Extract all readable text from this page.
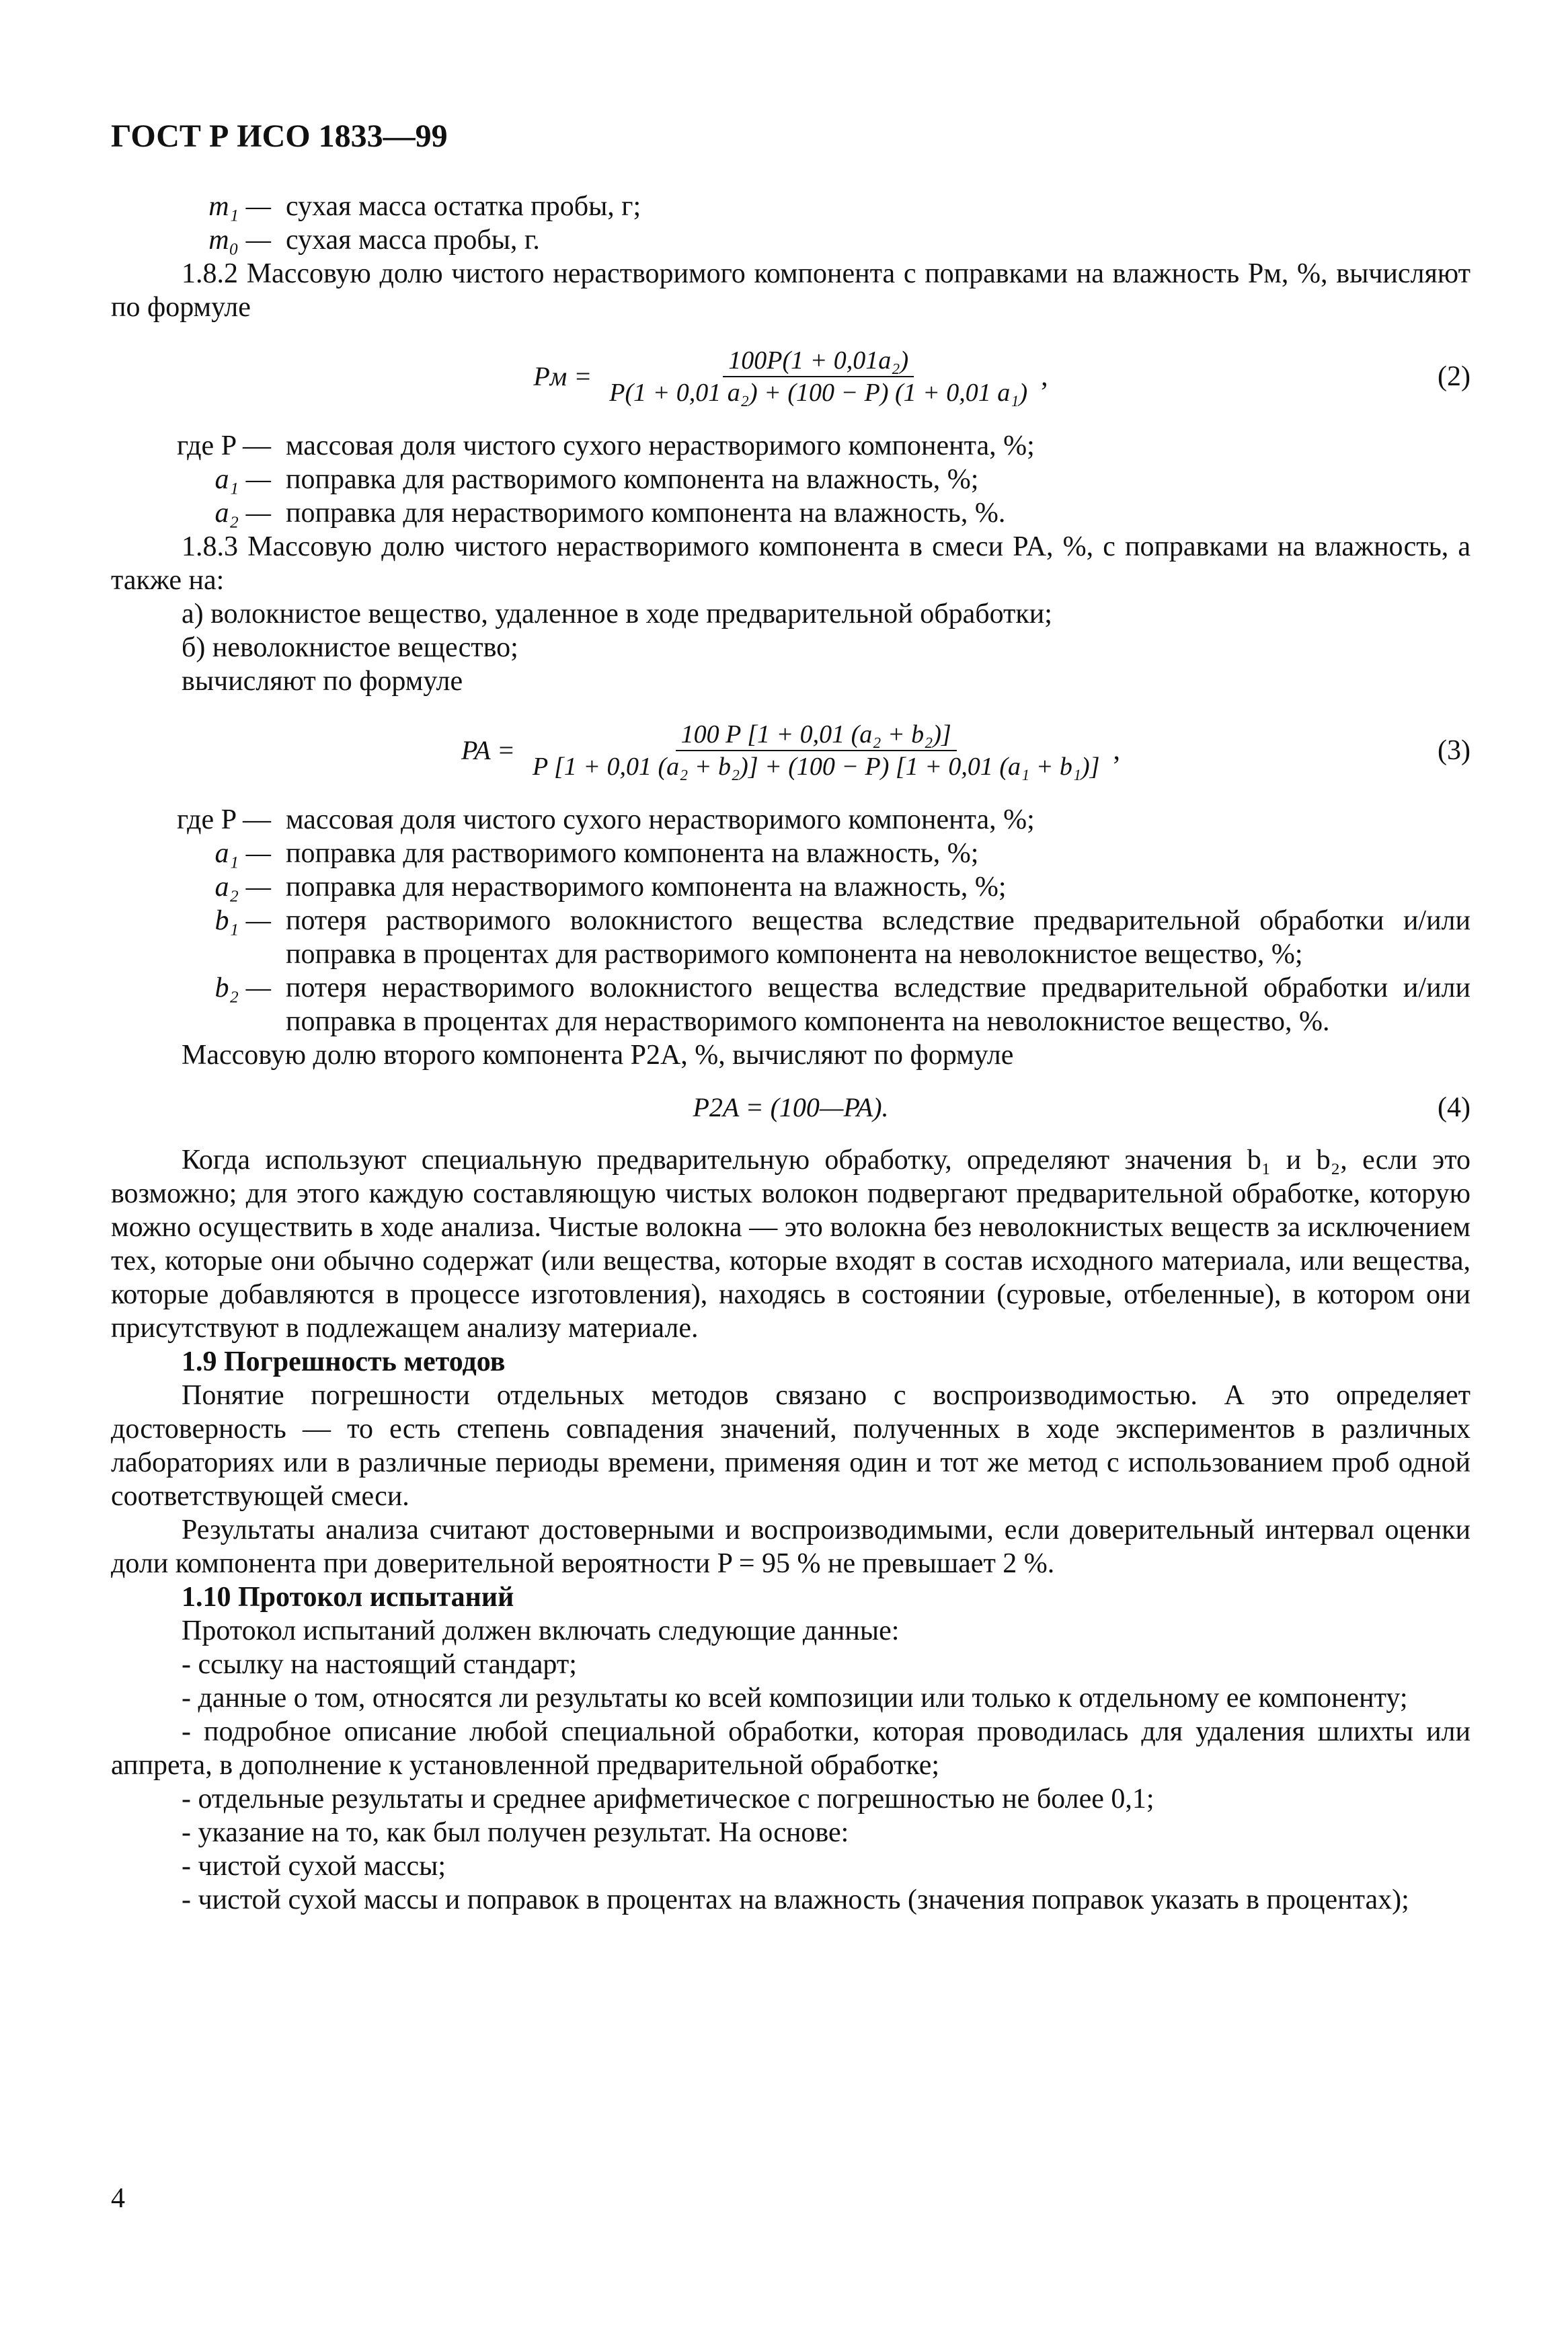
ГОСТ Р ИСО 1833—99
m₁ — сухая масса остатка пробы, г;
m₀ — сухая масса пробы, г.

1.8.2 Массовую долю чистого нерастворимого компонента с поправками на влажность Pм, %, вычисляют по формуле

Pм = $\frac{\text{100P(1 + 0,01a₂)}}{\text{P(1 + 0,01 a₂) + (100 − P) (1 + 0,01 a₁)}}$ ,	(2)
где P — массовая доля чистого сухого нерастворимого компонента, %;
a₁ — поправка для растворимого компонента на влажность, %;
a₂ — поправка для нерастворимого компонента на влажность, %.

1.8.3 Массовую долю чистого нерастворимого компонента в смеси PA, %, с поправками на влажность, а также на:

а) волокнистое вещество, удаленное в ходе предварительной обработки;

б) неволокнистое вещество;

вычисляют по формуле

PA = $\frac{\text{100 P [1 + 0,01 (a₂ + b₂)]}}{\text{P [1 + 0,01 (a₂ + b₂)] + (100 − P) [1 + 0,01 (a₁ + b₁)]}}$ ,	(3)
где P — массовая доля чистого сухого нерастворимого компонента, %;
a₁ — поправка для растворимого компонента на влажность, %;
a₂ — поправка для нерастворимого компонента на влажность, %;
b₁ — потеря растворимого волокнистого вещества вследствие предварительной обработки и/или поправка в процентах для растворимого компонента на неволокнистое вещество, %;
b₂ — потеря нерастворимого волокнистого вещества вследствие предварительной обработки и/или поправка в процентах для нерастворимого компонента на неволокнистое вещество, %.

Массовую долю второго компонента P2A, %, вычисляют по формуле

P2A = (100—PA).	(4)

Когда используют специальную предварительную обработку, определяют значения b₁ и b₂, если это возможно; для этого каждую составляющую чистых волокон подвергают предварительной обработке, которую можно осуществить в ходе анализа. Чистые волокна — это волокна без неволокнистых веществ за исключением тех, которые они обычно содержат (или вещества, которые входят в состав исходного материала, или вещества, которые добавляются в процессе изготовления), находясь в состоянии (суровые, отбеленные), в котором они присутствуют в подлежащем анализу материале.

1.9 Погрешность методов

Понятие погрешности отдельных методов связано с воспроизводимостью. А это определяет достоверность — то есть степень совпадения значений, полученных в ходе экспериментов в различных лабораториях или в различные периоды времени, применяя один и тот же метод с использованием проб одной соответствующей смеси.

Результаты анализа считают достоверными и воспроизводимыми, если доверительный интервал оценки доли компонента при доверительной вероятности P = 95 % не превышает 2 %.

1.10 Протокол испытаний

Протокол испытаний должен включать следующие данные:

- ссылку на настоящий стандарт;

- данные о том, относятся ли результаты ко всей композиции или только к отдельному ее компоненту;

- подробное описание любой специальной обработки, которая проводилась для удаления шлихты или аппрета, в дополнение к установленной предварительной обработке;

- отдельные результаты и среднее арифметическое с погрешностью не более 0,1;

- указание на то, как был получен результат. На основе:

- чистой сухой массы;

- чистой сухой массы и поправок в процентах на влажность (значения поправок указать в процентах);

4
